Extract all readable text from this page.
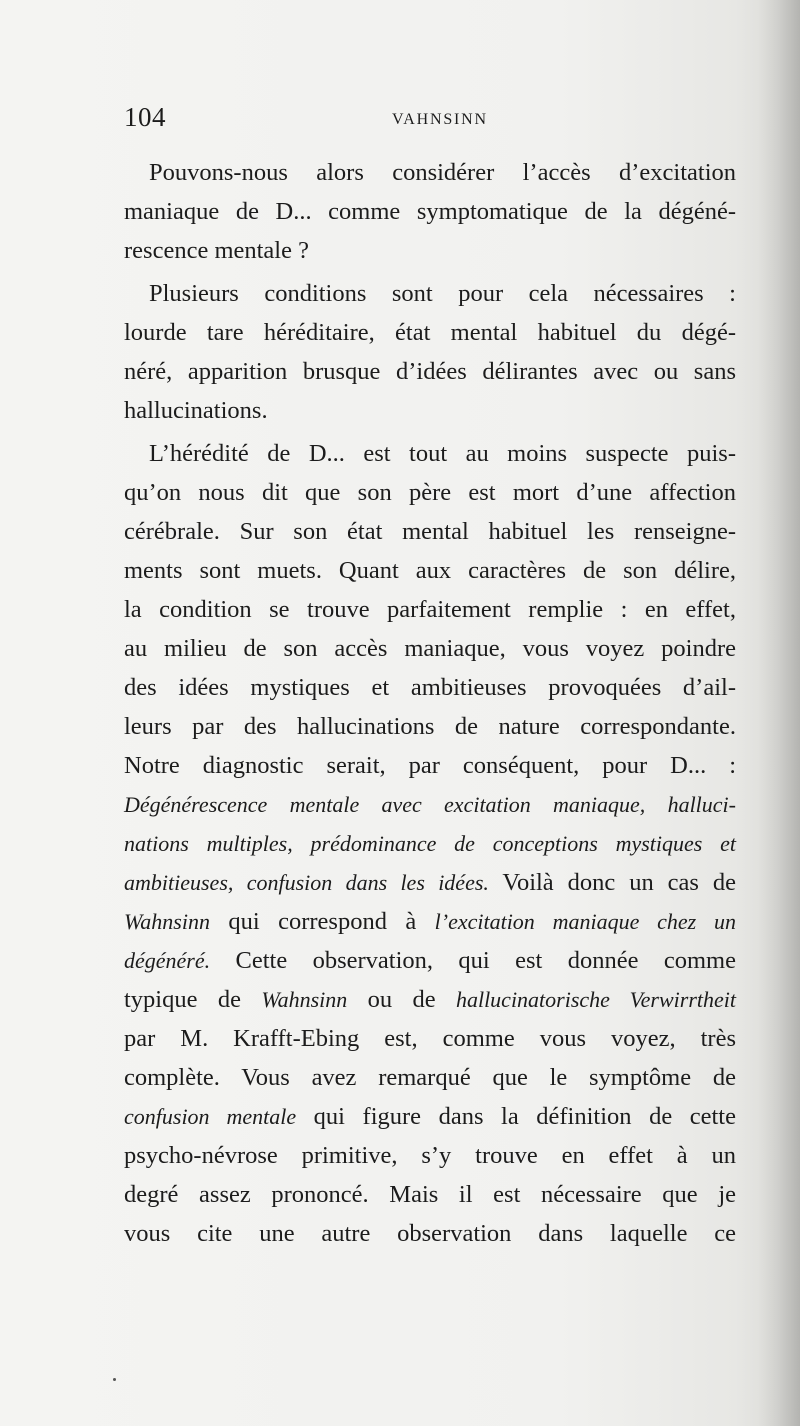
104	VAHNSINN
Pouvons-nous alors considérer l’accès d’excitation
maniaque de D... comme symptomatique de la dégéné-
rescence mentale ?
Plusieurs conditions sont pour cela nécessaires :
lourde tare héréditaire, état mental habituel du dégé-
néré, apparition brusque d’idées délirantes avec ou sans
hallucinations.
L’hérédité de D... est tout au moins suspecte puis-
qu’on nous dit que son père est mort d’une affection
cérébrale. Sur son état mental habituel les renseigne-
ments sont muets. Quant aux caractères de son délire,
la condition se trouve parfaitement remplie : en effet,
au milieu de son accès maniaque, vous voyez poindre
des idées mystiques et ambitieuses provoquées d’ail-
leurs par des hallucinations de nature correspondante.
Notre diagnostic serait, par conséquent, pour D... :
Dégénérescence mentale avec excitation maniaque, halluci-
nations multiples, prédominance de conceptions mystiques et
ambitieuses, confusion dans les idées. Voilà donc un cas de
Wahnsinn qui correspond à l’excitation maniaque chez un
dégénéré. Cette observation, qui est donnée comme
typique de Wahnsinn ou de hallucinatorische Verwirrtheit
par M. Krafft-Ebing est, comme vous voyez, très
complète. Vous avez remarqué que le symptôme de
confusion mentale qui figure dans la définition de cette
psycho-névrose primitive, s’y trouve en effet à un
degré assez prononcé. Mais il est nécessaire que je
vous cite une autre observation dans laquelle ce
